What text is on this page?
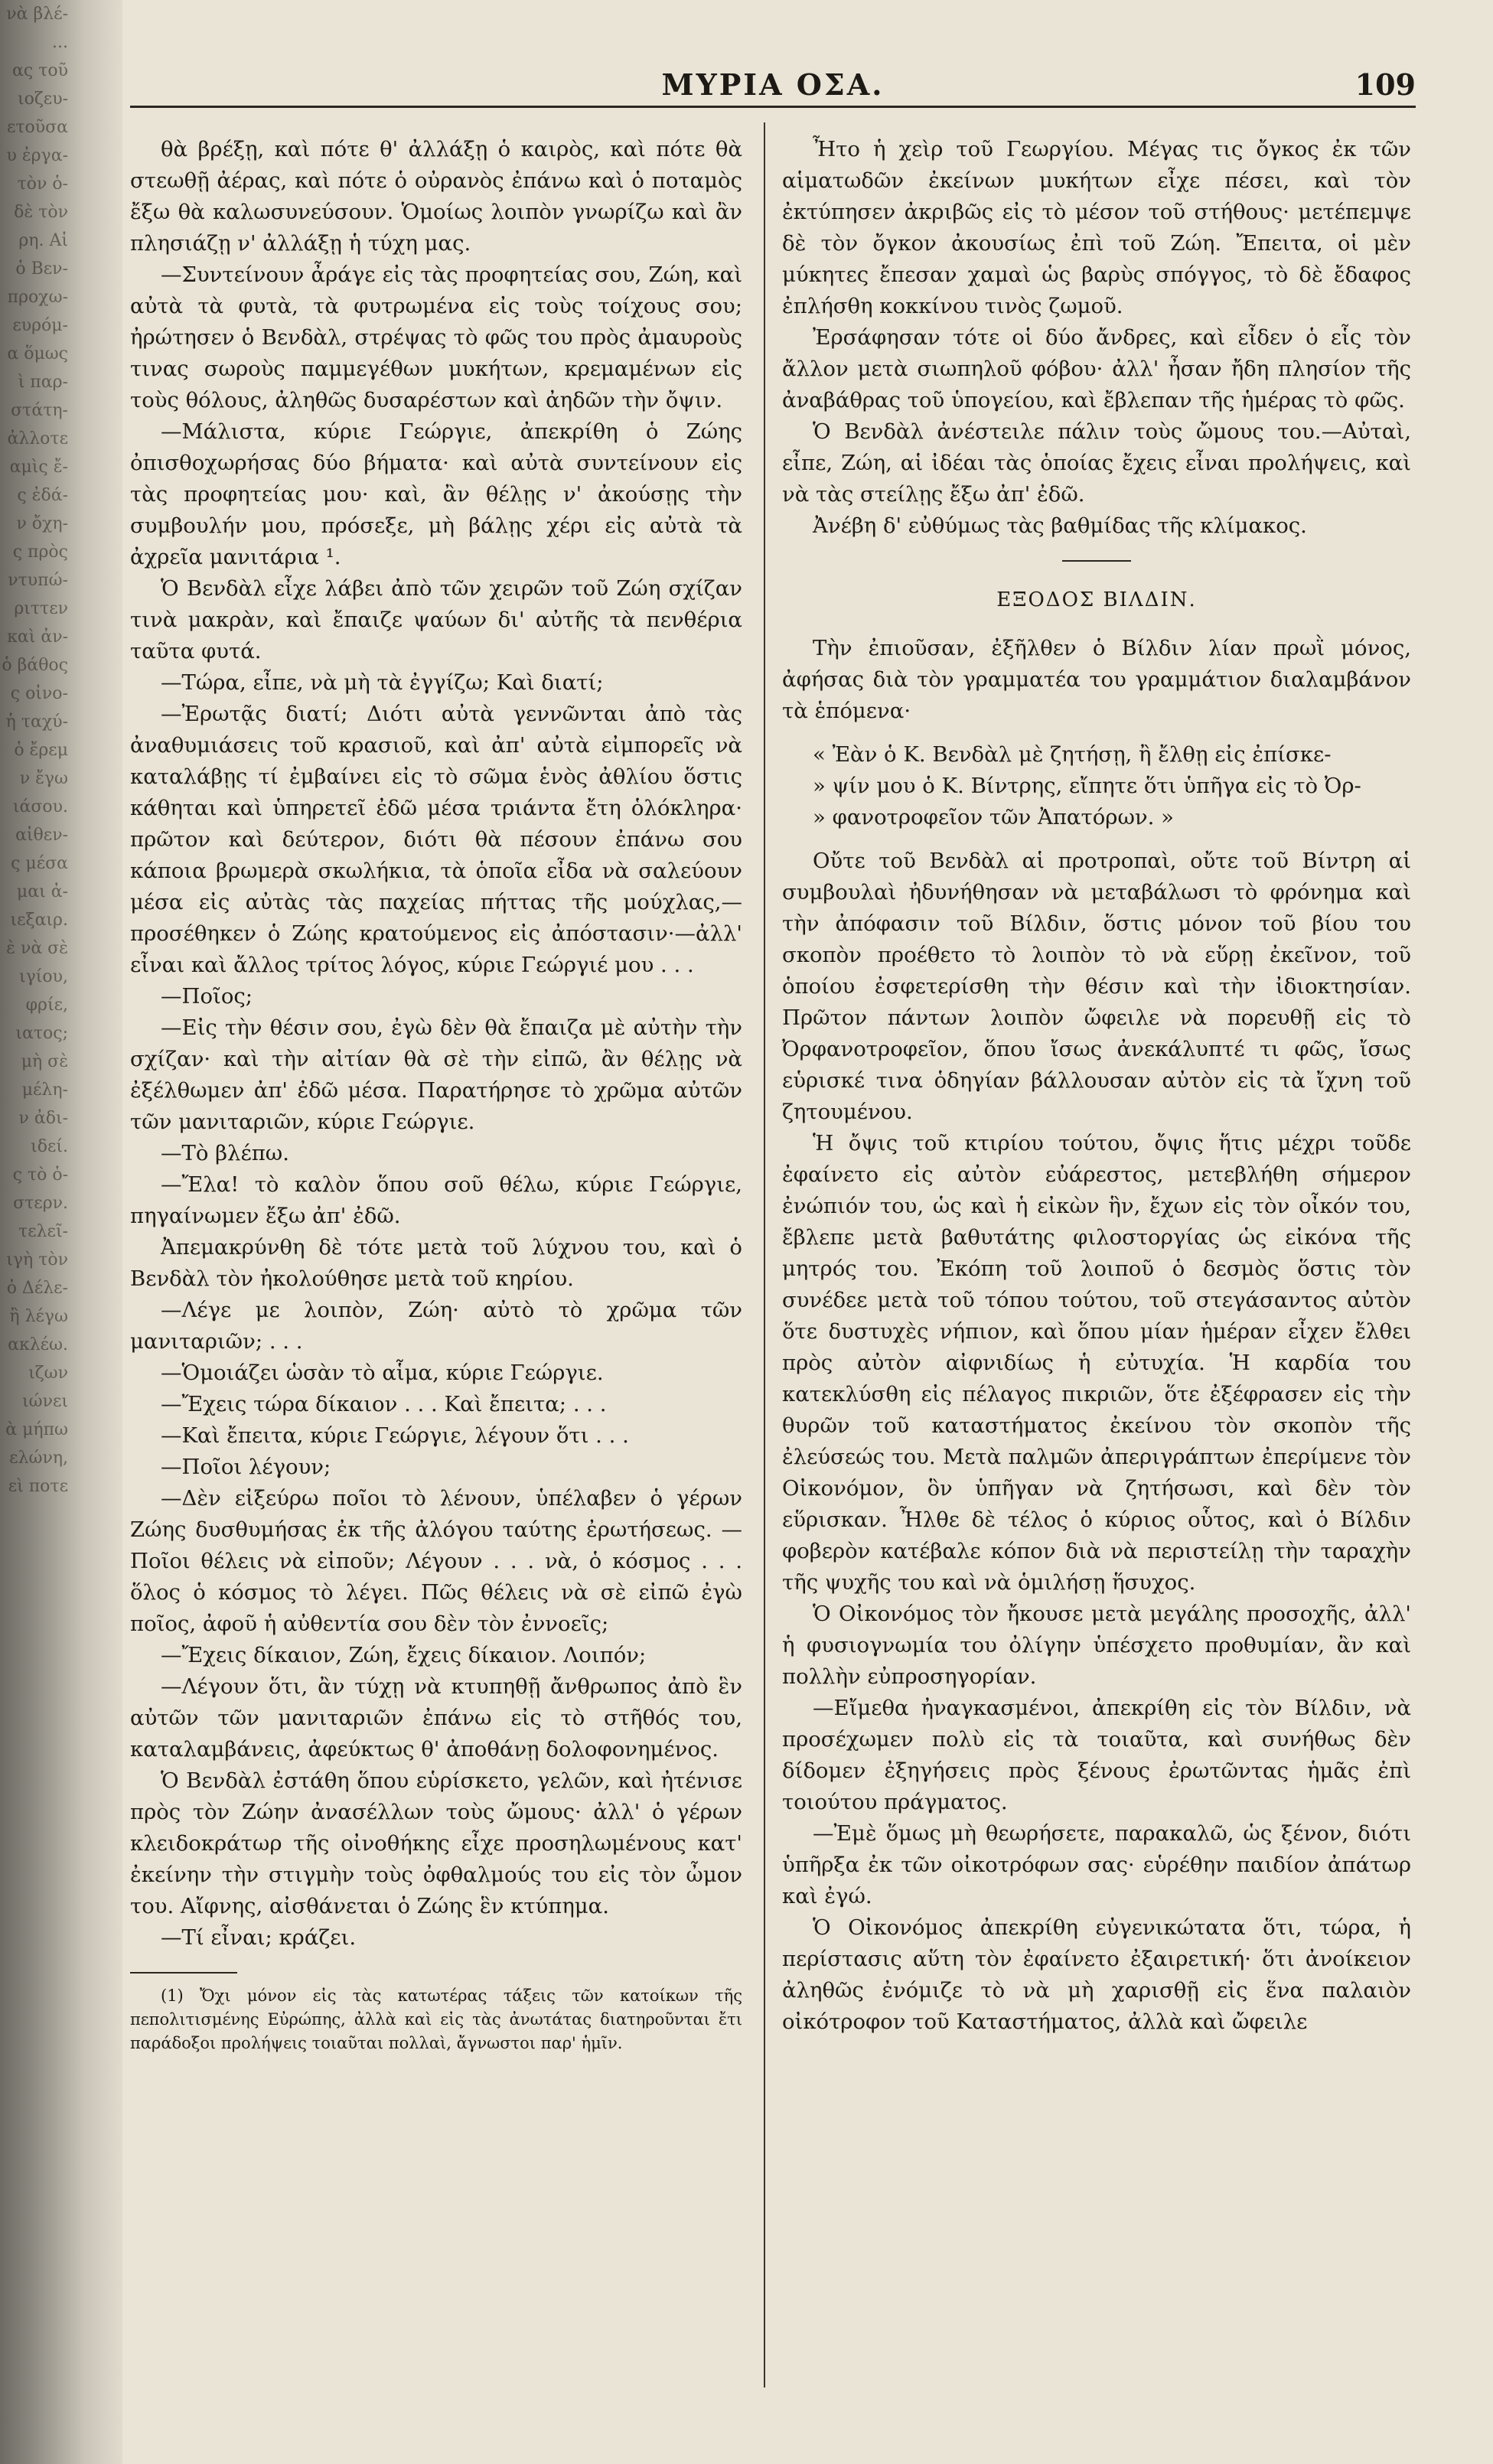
νὰ βλέ-
...
ας τοῦ
ιοζευ-
ετοῦσα
υ ἐργα-
τὸν ὁ-
δὲ τὸν
ρη. Αἱ
ὁ Βεν-
προχω-
ευρόμ-
α ὅμως
ὶ παρ-
στάτη-
ἀλλοτε
αμὶς ἔ-
ς ἐδά-
ν ὄχη-
ς πρὸς
ντυπώ-
ριττεν
καὶ ἀν-
ὁ βάθος
ς οἰνο-
ἡ ταχύ-
ὁ ἔρεμ
ν ἔγω
ιάσου.
αἰθεν-
ς μέσα
μαι ἀ-
ιεξαιρ.
ὲ νὰ σὲ
ιγίου,
φρίε,
ιατος;
μὴ σὲ
μέλη-
ν ἀδι-
ιδεί.
ς τὸ ὁ-
στερν.
τελεῖ-
ιγὴ τὸν
ὀ Δέλε-
ἢ λέγω
ακλέω.
ιζων
ιώνει
ὰ μήπω
ελώνη,
εὶ ποτε
ΜΥΡΙΑ ΟΣΑ.	109

θὰ βρέξῃ, καὶ πότε θ' ἀλλάξῃ ὁ καιρὸς, καὶ πότε θὰ στεωθῇ ἀέρας, καὶ πότε ὁ οὐρανὸς ἐπάνω καὶ ὁ ποταμὸς ἔξω θὰ καλωσυνεύσουν. Ὁμοίως λοιπὸν γνωρίζω καὶ ἂν πλησιάζῃ ν' ἀλλάξῃ ἡ τύχη μας.

—Συντείνουν ἆράγε εἰς τὰς προφητείας σου, Ζώη, καὶ αὐτὰ τὰ φυτὰ, τὰ φυτρωμένα εἰς τοὺς τοίχους σου; ἠρώτησεν ὁ Βενδὰλ, στρέψας τὸ φῶς του πρὸς ἀμαυροὺς τινας σωροὺς παμμεγέθων μυκήτων, κρεμαμένων εἰς τοὺς θόλους, ἀληθῶς δυσαρέστων καὶ ἀηδῶν τὴν ὄψιν.

—Μάλιστα, κύριε Γεώργιε, ἀπεκρίθη ὁ Ζώης ὀπισθοχωρήσας δύο βήματα· καὶ αὐτὰ συντείνουν εἰς τὰς προφητείας μου· καὶ, ἂν θέλῃς ν' ἀκούσῃς τὴν συμβουλήν μου, πρόσεξε, μὴ βάλῃς χέρι εἰς αὐτὰ τὰ ἀχρεῖα μανιτάρια ¹.

Ὁ Βενδὰλ εἶχε λάβει ἀπὸ τῶν χειρῶν τοῦ Ζώη σχίζαν τινὰ μακρὰν, καὶ ἔπαιζε ψαύων δι' αὐτῆς τὰ πενθέρια ταῦτα φυτά.

—Τώρα, εἶπε, νὰ μὴ τὰ ἐγγίζω; Καὶ διατί;

—Ἐρωτᾷς διατί; Διότι αὐτὰ γεννῶνται ἀπὸ τὰς ἀναθυμιάσεις τοῦ κρασιοῦ, καὶ ἀπ' αὐτὰ εἰμπορεῖς νὰ καταλάβῃς τί ἐμβαίνει εἰς τὸ σῶμα ἑνὸς ἀθλίου ὅστις κάθηται καὶ ὑπηρετεῖ ἐδῶ μέσα τριάντα ἔτη ὁλόκληρα· πρῶτον καὶ δεύτερον, διότι θὰ πέσουν ἐπάνω σου κάποια βρωμερὰ σκωλήκια, τὰ ὁποῖα εἶδα νὰ σαλεύουν μέσα εἰς αὐτὰς τὰς παχείας πήττας τῆς μούχλας,—προσέθηκεν ὁ Ζώης κρατούμενος εἰς ἀπόστασιν·—ἀλλ' εἶναι καὶ ἄλλος τρίτος λόγος, κύριε Γεώργιέ μου . . .

—Ποῖος;

—Εἰς τὴν θέσιν σου, ἐγὼ δὲν θὰ ἔπαιζα μὲ αὐτὴν τὴν σχίζαν· καὶ τὴν αἰτίαν θὰ σὲ τὴν εἰπῶ, ἂν θέλῃς νὰ ἐξέλθωμεν ἀπ' ἐδῶ μέσα. Παρατήρησε τὸ χρῶμα αὐτῶν τῶν μανιταριῶν, κύριε Γεώργιε.

—Τὸ βλέπω.

—Ἔλα! τὸ καλὸν ὅπου σοῦ θέλω, κύριε Γεώργιε, πηγαίνωμεν ἔξω ἀπ' ἐδῶ.

Ἀπεμακρύνθη δὲ τότε μετὰ τοῦ λύχνου του, καὶ ὁ Βενδὰλ τὸν ἠκολούθησε μετὰ τοῦ κηρίου.

—Λέγε με λοιπὸν, Ζώη· αὐτὸ τὸ χρῶμα τῶν μανιταριῶν; . . .

—Ὁμοιάζει ὡσὰν τὸ αἷμα, κύριε Γεώργιε.

—Ἔχεις τώρα δίκαιον . . . Καὶ ἔπειτα; . . .

—Καὶ ἔπειτα, κύριε Γεώργιε, λέγουν ὅτι . . .

—Ποῖοι λέγουν;

—Δὲν εἰξεύρω ποῖοι τὸ λένουν, ὑπέλαβεν ὁ γέρων Ζώης δυσθυμήσας ἐκ τῆς ἀλόγου ταύτης ἐρωτήσεως. —Ποῖοι θέλεις νὰ εἰποῦν; Λέγουν . . . νὰ, ὁ κόσμος . . . ὅλος ὁ κόσμος τὸ λέγει. Πῶς θέλεις νὰ σὲ εἰπῶ ἐγὼ ποῖος, ἀφοῦ ἡ αὐθεντία σου δὲν τὸν ἐννοεῖς;

—Ἔχεις δίκαιον, Ζώη, ἔχεις δίκαιον. Λοιπόν;

—Λέγουν ὅτι, ἂν τύχῃ νὰ κτυπηθῇ ἄνθρωπος ἀπὸ ἓν αὐτῶν τῶν μανιταριῶν ἐπάνω εἰς τὸ στῆθός του, καταλαμβάνεις, ἀφεύκτως θ' ἀποθάνῃ δολοφονημένος.

Ὁ Βενδὰλ ἐστάθη ὅπου εὑρίσκετο, γελῶν, καὶ ἠτένισε πρὸς τὸν Ζώην ἀνασέλλων τοὺς ὤμους· ἀλλ' ὁ γέρων κλειδοκράτωρ τῆς οἰνοθήκης εἶχε προσηλωμένους κατ' ἐκείνην τὴν στιγμὴν τοὺς ὀφθαλμούς του εἰς τὸν ὦμον του. Αἴφνης, αἰσθάνεται ὁ Ζώης ἓν κτύπημα.

—Τί εἶναι; κράζει.

(1) Ὄχι μόνον εἰς τὰς κατωτέρας τάξεις τῶν κατοίκων τῆς πεπολιτισμένης Εὐρώπης, ἀλλὰ καὶ εἰς τὰς ἀνωτάτας διατηροῦνται ἔτι παράδοξοι προλήψεις τοιαῦται πολλαὶ, ἄγνωστοι παρ' ἡμῖν.

Ἦτο ἡ χεὶρ τοῦ Γεωργίου. Μέγας τις ὄγκος ἐκ τῶν αἱματωδῶν ἐκείνων μυκήτων εἶχε πέσει, καὶ τὸν ἐκτύπησεν ἀκριβῶς εἰς τὸ μέσον τοῦ στήθους· μετέπεμψε δὲ τὸν ὄγκον ἀκουσίως ἐπὶ τοῦ Ζώη. Ἔπειτα, οἱ μὲν μύκητες ἔπεσαν χαμαὶ ὡς βαρὺς σπόγγος, τὸ δὲ ἔδαφος ἐπλήσθη κοκκίνου τινὸς ζωμοῦ.

Ἐρσάφησαν τότε οἱ δύο ἄνδρες, καὶ εἶδεν ὁ εἷς τὸν ἄλλον μετὰ σιωπηλοῦ φόβου· ἀλλ' ἦσαν ἤδη πλησίον τῆς ἀναβάθρας τοῦ ὑπογείου, καὶ ἔβλεπαν τῆς ἡμέρας τὸ φῶς.

Ὁ Βενδὰλ ἀνέστειλε πάλιν τοὺς ὤμους του.—Αὐταὶ, εἶπε, Ζώη, αἱ ἰδέαι τὰς ὁποίας ἔχεις εἶναι προλήψεις, καὶ νὰ τὰς στείλῃς ἔξω ἀπ' ἐδῶ.

Ἀνέβη δ' εὐθύμως τὰς βαθμίδας τῆς κλίμακος.

ΕΞΟΔΟΣ ΒΙΛΔΙΝ.

Τὴν ἐπιοῦσαν, ἐξῆλθεν ὁ Βίλδιν λίαν πρωῒ μόνος, ἀφήσας διὰ τὸν γραμματέα του γραμμάτιον διαλαμβάνον τὰ ἑπόμενα·

« Ἐὰν ὁ Κ. Βενδὰλ μὲ ζητήσῃ, ἢ ἔλθῃ εἰς ἐπίσκε-

» ψίν μου ὁ Κ. Βίντρης, εἴπητε ὅτι ὑπῆγα εἰς τὸ Ὀρ-

» φανοτροφεῖον τῶν Ἀπατόρων. »

Οὔτε τοῦ Βενδὰλ αἱ προτροπαὶ, οὔτε τοῦ Βίντρη αἱ συμβουλαὶ ἠδυνήθησαν νὰ μεταβάλωσι τὸ φρόνημα καὶ τὴν ἀπόφασιν τοῦ Βίλδιν, ὅστις μόνον τοῦ βίου του σκοπὸν προέθετο τὸ λοιπὸν τὸ νὰ εὕρῃ ἐκεῖνον, τοῦ ὁποίου ἐσφετερίσθη τὴν θέσιν καὶ τὴν ἰδιοκτησίαν. Πρῶτον πάντων λοιπὸν ὤφειλε νὰ πορευθῇ εἰς τὸ Ὀρφανοτροφεῖον, ὅπου ἴσως ἀνεκάλυπτέ τι φῶς, ἴσως εὑρισκέ τινα ὁδηγίαν βάλλουσαν αὐτὸν εἰς τὰ ἴχνη τοῦ ζητουμένου.

Ἡ ὄψις τοῦ κτιρίου τούτου, ὄψις ἥτις μέχρι τοῦδε ἐφαίνετο εἰς αὐτὸν εὐάρεστος, μετεβλήθη σήμερον ἐνώπιόν του, ὡς καὶ ἡ εἰκὼν ἣν, ἔχων εἰς τὸν οἶκόν του, ἔβλεπε μετὰ βαθυτάτης φιλοστοργίας ὡς εἰκόνα τῆς μητρός του. Ἐκόπη τοῦ λοιποῦ ὁ δεσμὸς ὅστις τὸν συνέδεε μετὰ τοῦ τόπου τούτου, τοῦ στεγάσαντος αὐτὸν ὅτε δυστυχὲς νήπιον, καὶ ὅπου μίαν ἡμέραν εἶχεν ἔλθει πρὸς αὐτὸν αἰφνιδίως ἡ εὐτυχία. Ἡ καρδία του κατεκλύσθη εἰς πέλαγος πικριῶν, ὅτε ἐξέφρασεν εἰς τὴν θυρῶν τοῦ καταστήματος ἐκείνου τὸν σκοπὸν τῆς ἐλεύσεώς του. Μετὰ παλμῶν ἀπεριγράπτων ἐπερίμενε τὸν Οἰκονόμον, ὃν ὑπῆγαν νὰ ζητήσωσι, καὶ δὲν τὸν εὕρισκαν. Ἦλθε δὲ τέλος ὁ κύριος οὗτος, καὶ ὁ Βίλδιν φοβερὸν κατέβαλε κόπον διὰ νὰ περιστείλῃ τὴν ταραχὴν τῆς ψυχῆς του καὶ νὰ ὁμιλήσῃ ἥσυχος.

Ὁ Οἰκονόμος τὸν ἤκουσε μετὰ μεγάλης προσοχῆς, ἀλλ' ἡ φυσιογνωμία του ὀλίγην ὑπέσχετο προθυμίαν, ἂν καὶ πολλὴν εὐπροσηγορίαν.

—Εἴμεθα ἠναγκασμένοι, ἀπεκρίθη εἰς τὸν Βίλδιν, νὰ προσέχωμεν πολὺ εἰς τὰ τοιαῦτα, καὶ συνήθως δὲν δίδομεν ἐξηγήσεις πρὸς ξένους ἐρωτῶντας ἡμᾶς ἐπὶ τοιούτου πράγματος.

—Ἐμὲ ὅμως μὴ θεωρήσετε, παρακαλῶ, ὡς ξένον, διότι ὑπῆρξα ἐκ τῶν οἰκοτρόφων σας· εὑρέθην παιδίον ἀπάτωρ καὶ ἐγώ.

Ὁ Οἰκονόμος ἀπεκρίθη εὐγενικώτατα ὅτι, τώρα, ἡ περίστασις αὕτη τὸν ἐφαίνετο ἐξαιρετική· ὅτι ἀνοίκειον ἀληθῶς ἐνόμιζε τὸ νὰ μὴ χαρισθῇ εἰς ἕνα παλαιὸν οἰκότροφον τοῦ Καταστήματος, ἀλλὰ καὶ ὤφειλε
